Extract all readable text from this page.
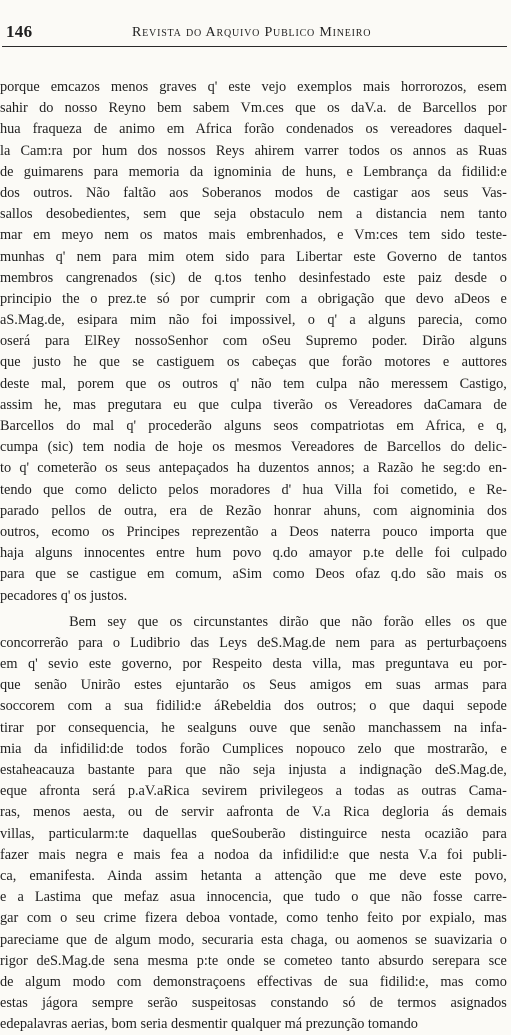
146	Revista do Arquivo Publico Mineiro
porque emcazos menos graves q' este vejo exemplos mais horrorozos, esem
sahir do nosso Reyno bem sabem Vm.ces que os daV.a. de Barcellos por
hua fraqueza de animo em Africa forão condenados os vereadores daquel-
la Cam:ra por hum dos nossos Reys ahirem varrer todos os annos as Ruas
de guimarens para memoria da ignominia de huns, e Lembrança da fidilid:e
dos outros. Não faltão aos Soberanos modos de castigar aos seus Vas-
sallos desobedientes, sem que seja obstaculo nem a distancia nem tanto
mar em meyo nem os matos mais embrenhados, e Vm:ces tem sido teste-
munhas q' nem para mim otem sido para Libertar este Governo de tantos
membros cangrenados (sic) de q.tos tenho desinfestado este paiz desde o
principio the o prez.te só por cumprir com a obrigação que devo aDeos e
aS.Mag.de, esipara mim não foi impossivel, o q' a alguns parecia, como
oserá para ElRey nossoSenhor com oSeu Supremo poder. Dirão alguns
que justo he que se castiguem os cabeças que forão motores e auttores
deste mal, porem que os outros q' não tem culpa não meressem Castigo,
assim he, mas pregutara eu que culpa tiverão os Vereadores daCamara de
Barcellos do mal q' procederão alguns seos compatriotas em Africa, e q,
cumpa (sic) tem nodia de hoje os mesmos Vereadores de Barcellos do delic-
to q' cometerão os seus antepaçados ha duzentos annos; a Razão he seg:do en-
tendo que como delicto pelos moradores d' hua Villa foi cometido, e Re-
parado pellos de outra, era de Rezão honrar ahuns, com aignominia dos
outros, ecomo os Principes reprezentão a Deos naterra pouco importa que
haja alguns innocentes entre hum povo q.do amayor p.te delle foi culpado
para que se castigue em comum, aSim como Deos ofaz q.do são mais os
pecadores q' os justos.
Bem sey que os circunstantes dirão que não forão elles os que
concorrerão para o Ludibrio das Leys deS.Mag.de nem para as perturbaçoens
em q' sevio este governo, por Respeito desta villa, mas preguntava eu por-
que senão Unirão estes ejuntarão os Seus amigos em suas armas para
soccorem com a sua fidilid:e áRebeldia dos outros; o que daqui sepode
tirar por consequencia, he sealguns ouve que senão manchassem na infa-
mia da infidilid:de todos forão Cumplices nopouco zelo que mostrarão, e
estaheacauza bastante para que não seja injusta a indignação deS.Mag.de,
eque afronta será p.aV.aRica sevirem privilegeos a todas as outras Cama-
ras, menos aesta, ou de servir aafronta de V.a Rica degloria ás demais
villas, particularm:te daquellas queSouberão distinguirce nesta ocazião para
fazer mais negra e mais fea a nodoa da infidilid:e que nesta V.a foi publi-
ca, emanifesta. Ainda assim hetanta a attenção que me deve este povo,
e a Lastima que mefaz asua innocencia, que tudo o que não fosse carre-
gar com o seu crime fizera deboa vontade, como tenho feito por expialo, mas
pareciame que de algum modo, securaria esta chaga, ou aomenos se suavizaria o
rigor deS.Mag.de sena mesma p:te onde se cometeo tanto absurdo serepara sce
de algum modo com demonstraçoens effectivas de sua fidilid:e, mas como
estas jágora sempre serão suspeitosas constando só de termos asignados
edepalavras aerias, bom seria desmentir qualquer má prezunção tomando
